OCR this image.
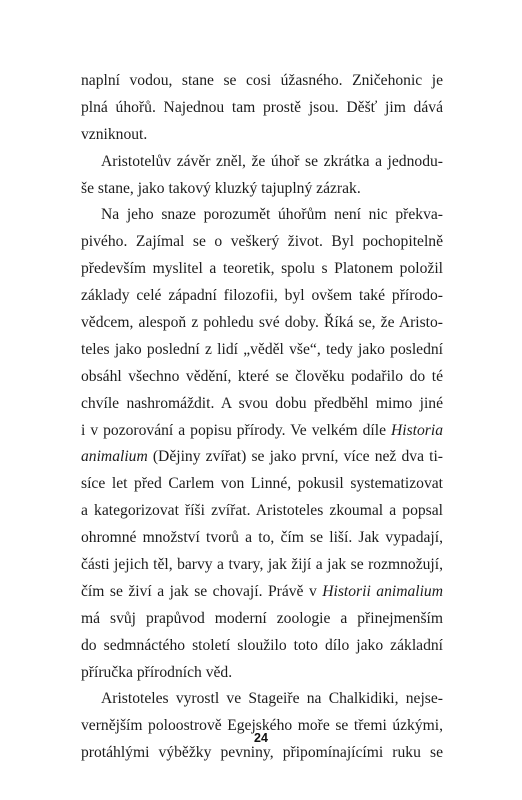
naplní vodou, stane se cosi úžasného. Zničehonic je
plná úhořů. Najednou tam prostě jsou. Děšť jim dává
vzniknout.
Aristotelův závěr zněl, že úhoř se zkrátka a jednodu-
še stane, jako takový kluzký tajuplný zázrak.
Na jeho snaze porozumět úhořům není nic překva-
pivého. Zajímal se o veškerý život. Byl pochopitelně
především myslitel a teoretik, spolu s Platonem položil
základy celé západní filozofii, byl ovšem také přírodo-
vědcem, alespoň z pohledu své doby. Říká se, že Aristo-
teles jako poslední z lidí „věděl vše“, tedy jako poslední
obsáhl všechno vědění, které se člověku podařilo do té
chvíle nashromáždit. A svou dobu předběhl mimo jiné
i v pozorování a popisu přírody. Ve velkém díle Historia
animalium (Dějiny zvířat) se jako první, více než dva ti-
síce let před Carlem von Linné, pokusil systematizovat
a kategorizovat říši zvířat. Aristoteles zkoumal a popsal
ohromné množství tvorů a to, čím se liší. Jak vypadají,
části jejich těl, barvy a tvary, jak žijí a jak se rozmnožují,
čím se živí a jak se chovají. Právě v Historii animalium
má svůj prapůvod moderní zoologie a přinejmenším
do sedmnáctého století sloužilo toto dílo jako základní
příručka přírodních věd.
Aristoteles vyrostl ve Stageiře na Chalkidiki, nejse-
vernějším poloostrově Egejského moře se třemi úzkými,
protáhlými výběžky pevniny, připomínajícími ruku se
24
